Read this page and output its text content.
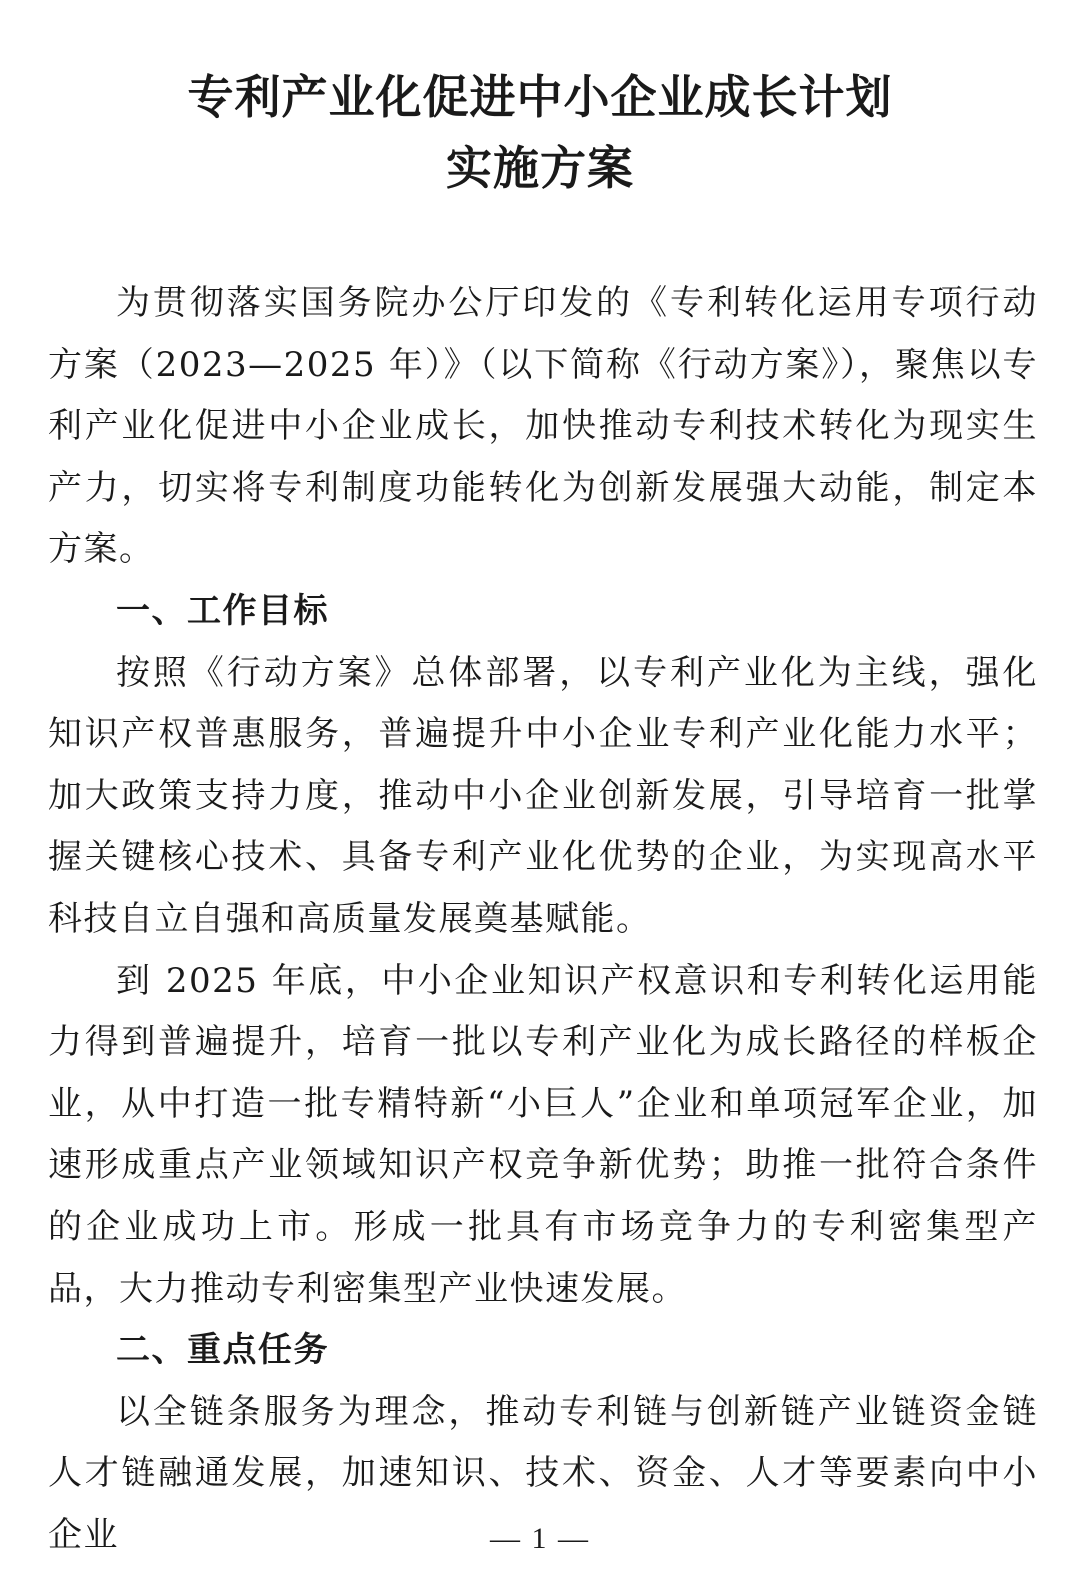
专利产业化促进中小企业成长计划
实施方案

为贯彻落实国务院办公厅印发的《专利转化运用专项行动方案（2023—2025 年）》（以下简称《行动方案》），聚焦以专利产业化促进中小企业成长，加快推动专利技术转化为现实生产力，切实将专利制度功能转化为创新发展强大动能，制定本方案。

一、工作目标

按照《行动方案》总体部署，以专利产业化为主线，强化知识产权普惠服务，普遍提升中小企业专利产业化能力水平；加大政策支持力度，推动中小企业创新发展，引导培育一批掌握关键核心技术、具备专利产业化优势的企业，为实现高水平科技自立自强和高质量发展奠基赋能。

到 2025 年底，中小企业知识产权意识和专利转化运用能力得到普遍提升，培育一批以专利产业化为成长路径的样板企业，从中打造一批专精特新“小巨人”企业和单项冠军企业，加速形成重点产业领域知识产权竞争新优势；助推一批符合条件的企业成功上市。形成一批具有市场竞争力的专利密集型产品，大力推动专利密集型产业快速发展。

二、重点任务

以全链条服务为理念，推动专利链与创新链产业链资金链人才链融通发展，加速知识、技术、资金、人才等要素向中小企业	— 1 —
